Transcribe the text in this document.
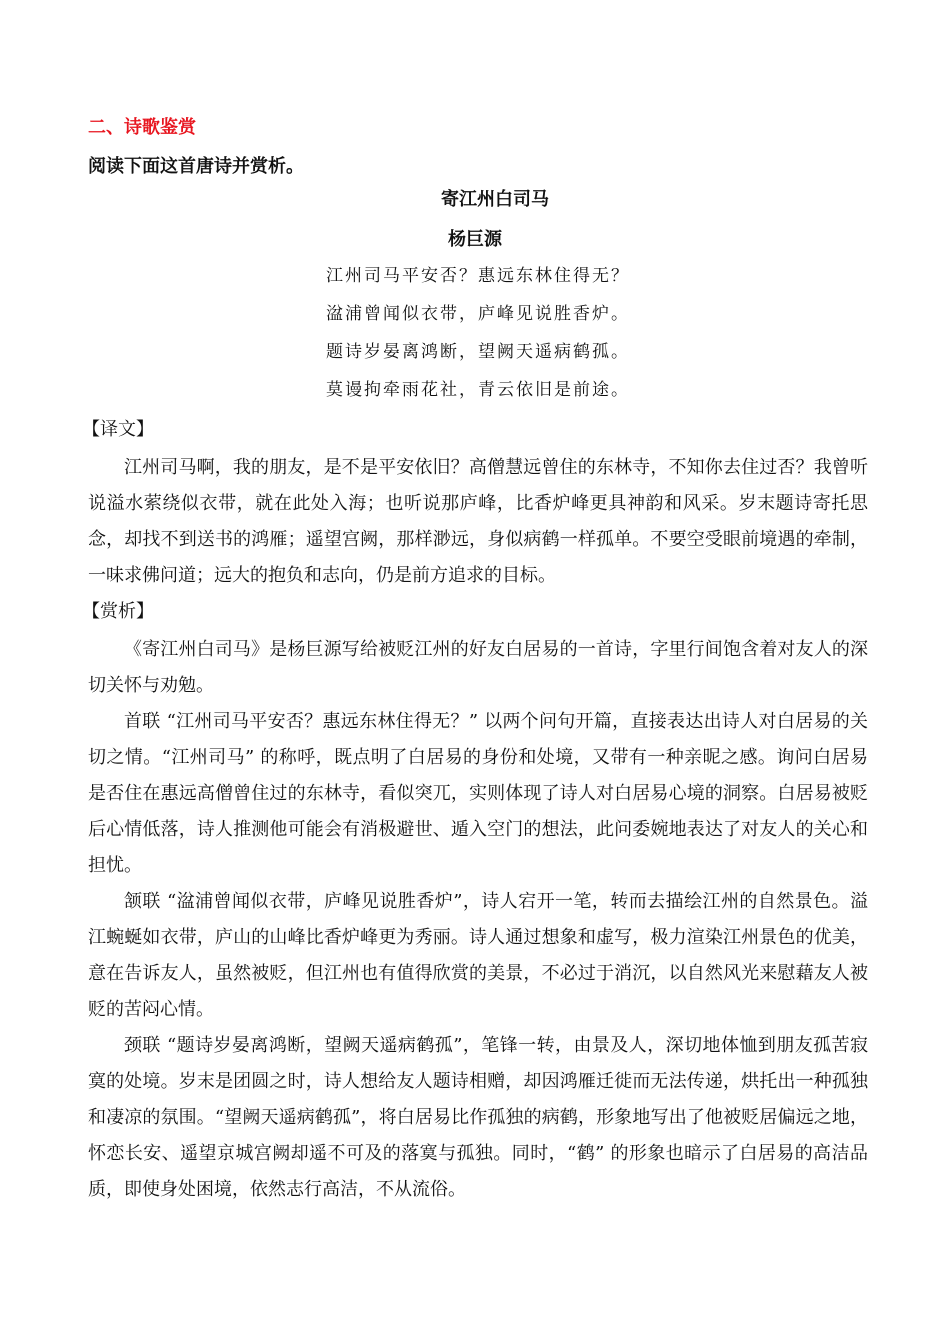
二、诗歌鉴赏

阅读下面这首唐诗并赏析。

寄江州白司马

杨巨源

江州司马平安否？惠远东林住得无？
湓浦曾闻似衣带，庐峰见说胜香炉。
题诗岁晏离鸿断，望阙天遥病鹤孤。
莫谩拘牵雨花社，青云依旧是前途。

【译文】

江州司马啊，我的朋友，是不是平安依旧？高僧慧远曾住的东林寺，不知你去住过否？我曾听说溢水萦绕似衣带，就在此处入海；也听说那庐峰，比香炉峰更具神韵和风采。岁末题诗寄托思念，却找不到送书的鸿雁；遥望宫阙，那样渺远，身似病鹤一样孤单。不要空受眼前境遇的牵制，一味求佛问道；远大的抱负和志向，仍是前方追求的目标。

【赏析】

《寄江州白司马》是杨巨源写给被贬江州的好友白居易的一首诗，字里行间饱含着对友人的深切关怀与劝勉。

首联 “江州司马平安否？惠远东林住得无？” 以两个问句开篇，直接表达出诗人对白居易的关切之情。“江州司马” 的称呼，既点明了白居易的身份和处境，又带有一种亲昵之感。询问白居易是否住在惠远高僧曾住过的东林寺，看似突兀，实则体现了诗人对白居易心境的洞察。白居易被贬后心情低落，诗人推测他可能会有消极避世、遁入空门的想法，此问委婉地表达了对友人的关心和担忧。

颔联 “湓浦曾闻似衣带，庐峰见说胜香炉”，诗人宕开一笔，转而去描绘江州的自然景色。溢江蜿蜒如衣带，庐山的山峰比香炉峰更为秀丽。诗人通过想象和虚写，极力渲染江州景色的优美，意在告诉友人，虽然被贬，但江州也有值得欣赏的美景，不必过于消沉，以自然风光来慰藉友人被贬的苦闷心情。

颈联 “题诗岁晏离鸿断，望阙天遥病鹤孤”，笔锋一转，由景及人，深切地体恤到朋友孤苦寂寞的处境。岁末是团圆之时，诗人想给友人题诗相赠，却因鸿雁迁徙而无法传递，烘托出一种孤独和凄凉的氛围。“望阙天遥病鹤孤”，将白居易比作孤独的病鹤，形象地写出了他被贬居偏远之地，怀恋长安、遥望京城宫阙却遥不可及的落寞与孤独。同时，“鹤” 的形象也暗示了白居易的高洁品质，即使身处困境，依然志行高洁，不从流俗。
